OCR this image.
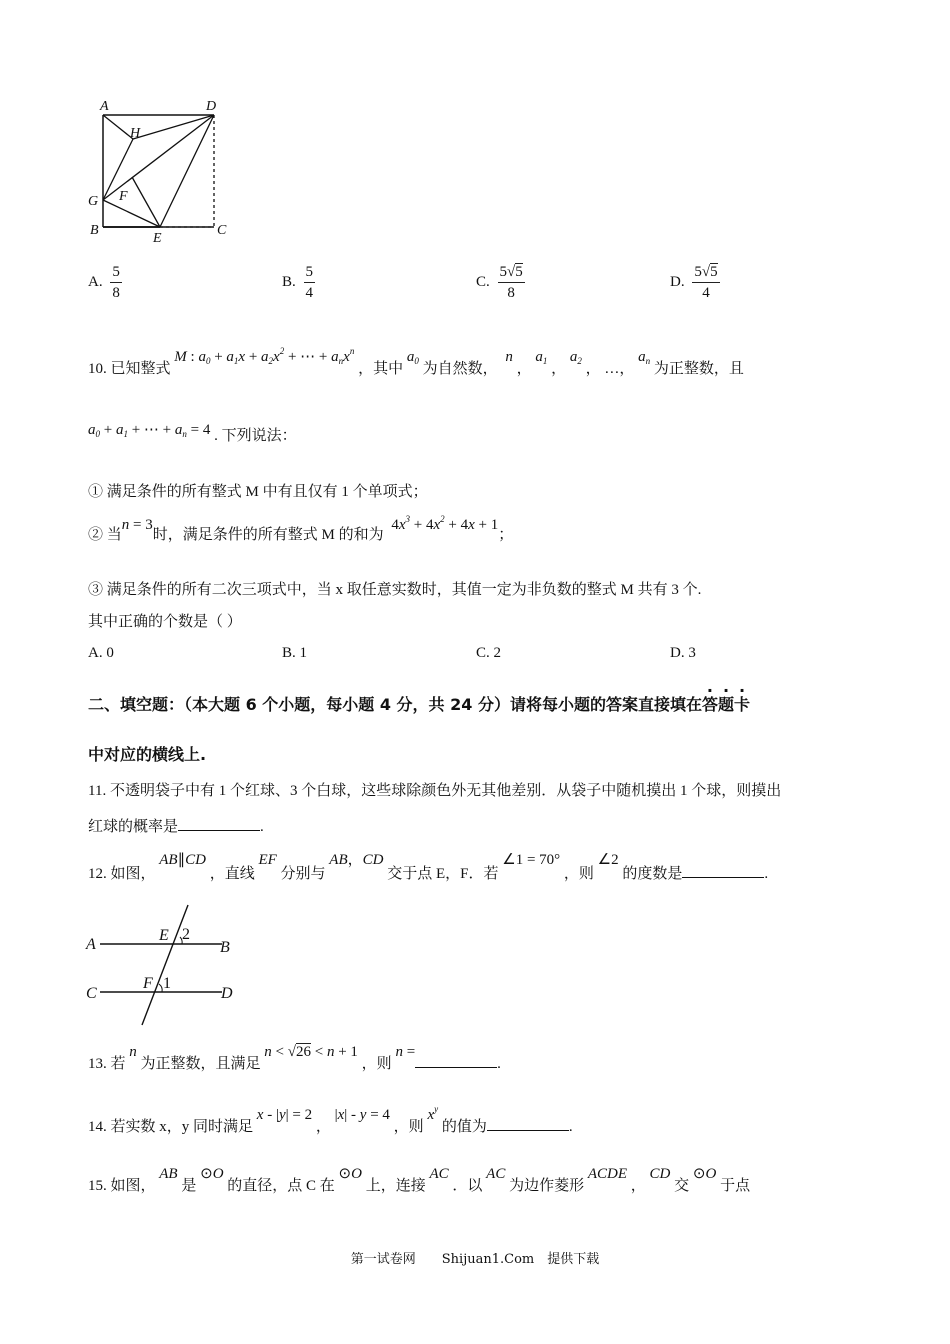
A	D
H
G F
B
E
C
A. $\frac{5}{8}$	B. $\frac{5}{4}$	C. $\frac{5√5}{8}$	D. $\frac{5√5}{4}$
10. 已知整式 M : $a_0 + a_1x + a_2x^2$ + ⋯ + $a_nx^n$ ，其中 $a_0$ 为自然数， n ， $a_1$ ， $a_2$ ， …， $a_n$ 为正整数，且
$a_0 + a_1$ + ⋯ + $a_n = 4$ . 下列说法：
① 满足条件的所有整式 M 中有且仅有 1 个单项式；
② 当n = 3时，满足条件的所有整式 M 的和为 $4x^3 + 4x^2 + 4x + 1$；
③ 满足条件的所有二次三项式中，当 x 取任意实数时，其值一定为非负数的整式 M 共有 3 个.
其中正确的个数是（ ）
A. 0	B. 1	C. 2	D. 3
二、填空题：（本大题 6 个小题，每小题 4 分，共 24 分）请将每小题的答案直接填在答题卡
中对应的横线上.
11. 不透明袋子中有 1 个红球、3 个白球，这些球除颜色外无其他差别．从袋子中随机摸出 1 个球，则摸出
红球的概率是	.
12. 如图， AB∥CD ，直线 EF 分别与 AB，CD 交于点 E，F．若 ∠1 = 70° ，则 ∠2 的度数是	.
A	B
C	D
E
F
2
1
13. 若 n 为正整数，且满足 n < √26 < n + 1 ，则 n =.
14. 若实数 x，y 同时满足 x - |y| = 2 ， |x| - y = 4 ，则 $x^y$ 的值为	.
15. 如图， AB 是 ⊙O 的直径，点 C 在 ⊙O 上，连接 AC ．以 AC 为边作菱形 ACDE ， CD 交 ⊙O 于点
第一试卷网　　Shijuan1.Com　提供下载
